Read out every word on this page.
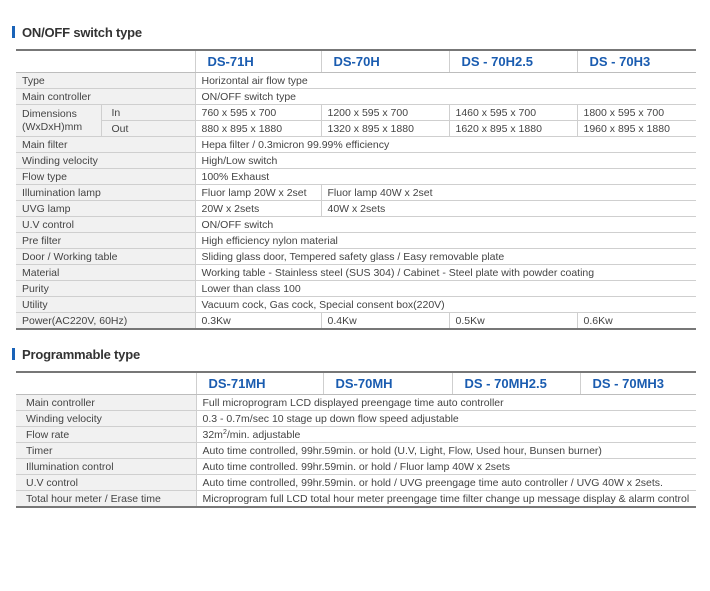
ON/OFF switch type
		DS-71H	DS-70H	DS - 70H2.5	DS - 70H3
Type		Horizontal air flow type			
Main controller		ON/OFF switch type			

Dimensions
(WxDxH)mm	In	760 x 595 x 700	1200 x 595 x 700	1460 x 595 x 700	1800 x 595 x 700
	Out	880 x 895 x 1880	1320 x 895 x 1880	1620 x 895 x 1880	1960 x 895 x 1880
Main filter		Hepa filter / 0.3micron 99.99% efficiency			
Winding velocity		High/Low switch			
Flow type		100% Exhaust			
Illumination lamp		Fluor lamp 20W x 2set	Fluor lamp 40W x 2set		
UVG lamp		20W x 2sets	40W x 2sets		
U.V control		ON/OFF switch			
Pre filter		High efficiency nylon material			
Door / Working table		Sliding glass door, Tempered safety glass / Easy removable plate			
Material		Working table - Stainless steel (SUS 304) / Cabinet - Steel plate with powder coating			
Purity		Lower than class 100			
Utility		Vacuum cock, Gas cock, Special consent box(220V)			
Power(AC220V, 60Hz)		0.3Kw	0.4Kw	0.5Kw	0.6Kw
Programmable type
	DS-71MH	DS-70MH	DS - 70MH2.5	DS - 70MH3
Main controller	Full microprogram LCD displayed preengage time auto controller			
Winding velocity	0.3 - 0.7m/sec 10 stage up down flow speed adjustable			
Flow rate	$32m^2/\min$. adjustable			
Timer	Auto time controlled, 99hr.59min. or hold (U.V, Light, Flow, Used hour, Bunsen burner)			
Illumination control	Auto time controlled. 99hr.59min. or hold / Fluor lamp 40W x 2sets			
U.V control	Auto time controlled, 99hr.59min. or hold / UVG preengage time auto controller / UVG 40W x 2sets.			
Total hour meter / Erase time	Microprogram full LCD total hour meter preengage time filter change up message display & alarm control			
